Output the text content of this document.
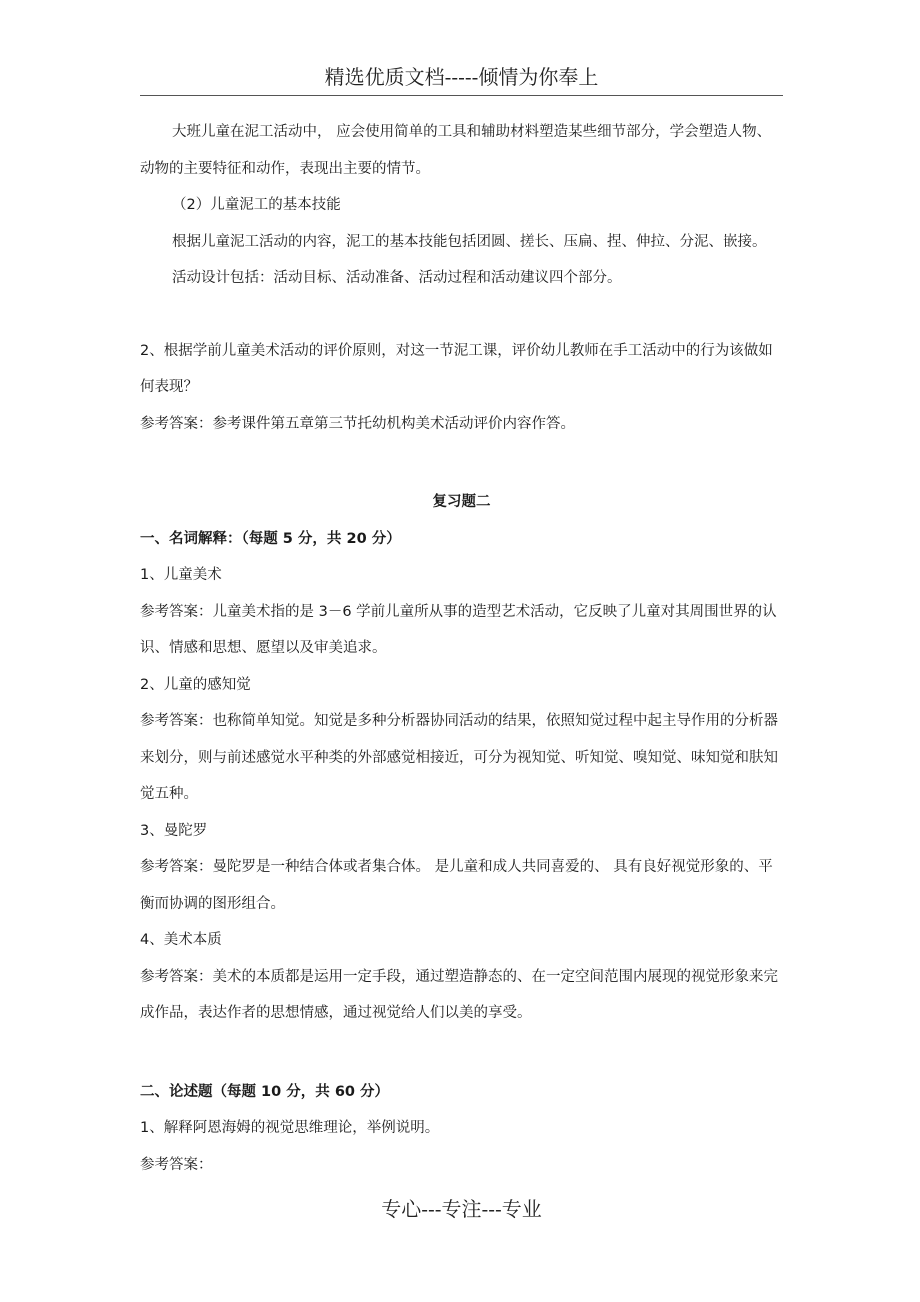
精选优质文档-----倾情为你奉上

大班儿童在泥工活动中， 应会使用简单的工具和辅助材料塑造某些细节部分，学会塑造人物、动物的主要特征和动作，表现出主要的情节。

（2）儿童泥工的基本技能

根据儿童泥工活动的内容，泥工的基本技能包括团圆、搓长、压扁、捏、伸拉、分泥、嵌接。

活动设计包括：活动目标、活动准备、活动过程和活动建议四个部分。

2、根据学前儿童美术活动的评价原则，对这一节泥工课，评价幼儿教师在手工活动中的行为该做如何表现？

参考答案：参考课件第五章第三节托幼机构美术活动评价内容作答。

复习题二

一、名词解释：（每题 5 分，共 20 分）

1、儿童美术

参考答案：儿童美术指的是 3－6 学前儿童所从事的造型艺术活动，它反映了儿童对其周围世界的认识、情感和思想、愿望以及审美追求。

2、儿童的感知觉

参考答案：也称简单知觉。知觉是多种分析器协同活动的结果，依照知觉过程中起主导作用的分析器来划分，则与前述感觉水平种类的外部感觉相接近，可分为视知觉、听知觉、嗅知觉、味知觉和肤知觉五种。

3、曼陀罗

参考答案：曼陀罗是一种结合体或者集合体。 是儿童和成人共同喜爱的、 具有良好视觉形象的、平衡而协调的图形组合。

4、美术本质

参考答案：美术的本质都是运用一定手段，通过塑造静态的、在一定空间范围内展现的视觉形象来完成作品，表达作者的思想情感，通过视觉给人们以美的享受。

二、论述题（每题 10 分，共 60 分）

1、解释阿恩海姆的视觉思维理论，举例说明。

参考答案：

专心---专注---专业
